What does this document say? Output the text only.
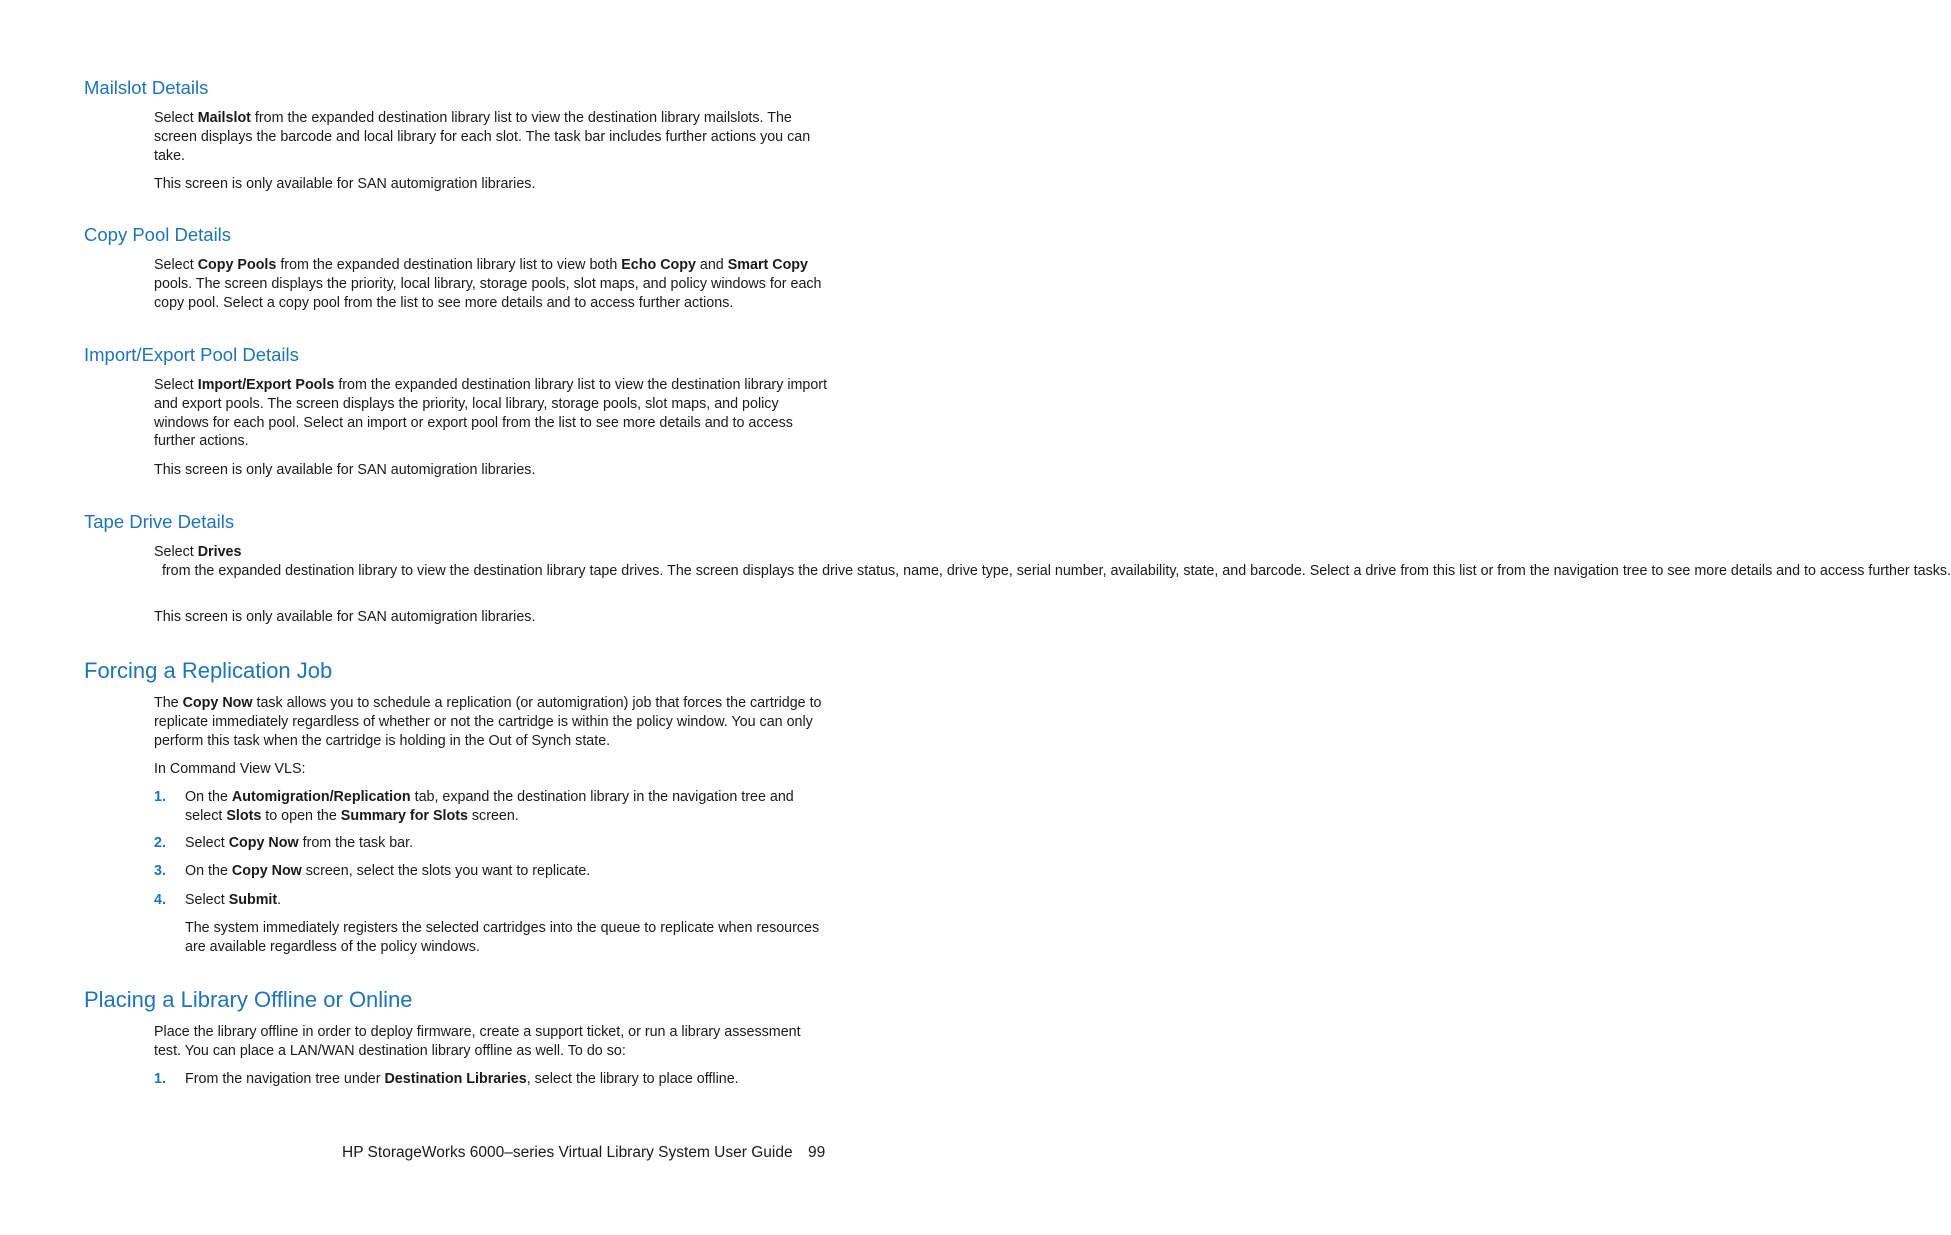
Mailslot Details

Select Mailslot from the expanded destination library list to view the destination library mailslots. The screen displays the barcode and local library for each slot. The task bar includes further actions you can take.

This screen is only available for SAN automigration libraries.

Copy Pool Details

Select Copy Pools from the expanded destination library list to view both Echo Copy and Smart Copy pools. The screen displays the priority, local library, storage pools, slot maps, and policy windows for each copy pool. Select a copy pool from the list to see more details and to access further actions.

Import/Export Pool Details

Select Import/Export Pools from the expanded destination library list to view the destination library import and export pools. The screen displays the priority, local library, storage pools, slot maps, and policy windows for each pool. Select an import or export pool from the list to see more details and to access further actions.

This screen is only available for SAN automigration libraries.

Tape Drive Details

Select Drives  from the expanded destination library to view the destination library tape drives. The screen displays the drive status, name, drive type, serial number, availability, state, and barcode. Select a drive from this list or from the navigation tree to see more details and to access further tasks.

This screen is only available for SAN automigration libraries.

Forcing a Replication Job

The Copy Now task allows you to schedule a replication (or automigration) job that forces the cartridge to replicate immediately regardless of whether or not the cartridge is within the policy window. You can only perform this task when the cartridge is holding in the Out of Synch state.

In Command View VLS:

1. On the Automigration/Replication tab, expand the destination library in the navigation tree and select Slots to open the Summary for Slots screen.

2. Select Copy Now from the task bar.

3. On the Copy Now screen, select the slots you want to replicate.

4. Select Submit.

The system immediately registers the selected cartridges into the queue to replicate when resources are available regardless of the policy windows.

Placing a Library Offline or Online

Place the library offline in order to deploy firmware, create a support ticket, or run a library assessment test. You can place a LAN/WAN destination library offline as well. To do so:

1. From the navigation tree under Destination Libraries, select the library to place offline.

HP StorageWorks 6000–series Virtual Library System User Guide 99
